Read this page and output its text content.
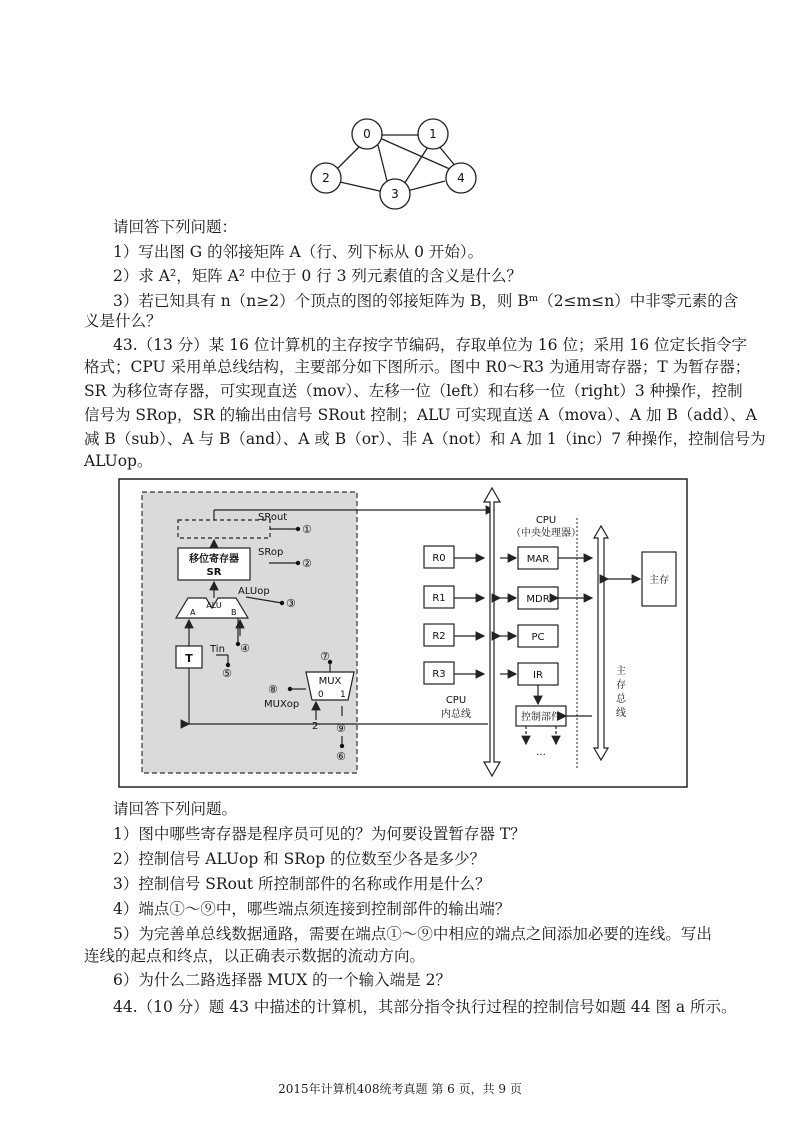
0	1
2
3
4
请回答下列问题：
1）写出图 G 的邻接矩阵 A（行、列下标从 0 开始）。
2）求 A²，矩阵 A² 中位于 0 行 3 列元素值的含义是什么？
3）若已知具有 n（n≥2）个顶点的图的邻接矩阵为 B，则 Bᵐ（2≤m≤n）中非零元素的含
义是什么？
43.（13 分）某 16 位计算机的主存按字节编码，存取单位为 16 位；采用 16 位定长指令字
格式；CPU 采用单总线结构，主要部分如下图所示。图中 R0～R3 为通用寄存器；T 为暂存器；
SR 为移位寄存器，可实现直送（mov）、左移一位（left）和右移一位（right）3 种操作，控制
信号为 SRop，SR 的输出由信号 SRout 控制；ALU 可实现直送 A（mova）、A 加 B（add）、A
减 B（sub）、A 与 B（and）、A 或 B（or）、非 A（not）和 A 加 1（inc）7 种操作，控制信号为
ALUop。
SRout
①
SRop
②
移位寄存器
SR
ALUop
③
ALU
A	B
T
Tin ④
⑤
⑦
MUX
0 1
⑧
MUXop
2 ⑨
⑥
R0
R1
R2
R3
MAR
MDR
PC
IR
控制部件
CPU
内总线
CPU
（中央处理器）
…
主存
主
存
总
线
请回答下列问题。
1）图中哪些寄存器是程序员可见的？为何要设置暂存器 T？
2）控制信号 ALUop 和 SRop 的位数至少各是多少？
3）控制信号 SRout 所控制部件的名称或作用是什么？
4）端点①～⑨中，哪些端点须连接到控制部件的输出端？
5）为完善单总线数据通路，需要在端点①～⑨中相应的端点之间添加必要的连线。写出
连线的起点和终点，以正确表示数据的流动方向。
6）为什么二路选择器 MUX 的一个输入端是 2？
44.（10 分）题 43 中描述的计算机，其部分指令执行过程的控制信号如题 44 图 a 所示。
2015年计算机408统考真题 第 6 页，共 9 页
